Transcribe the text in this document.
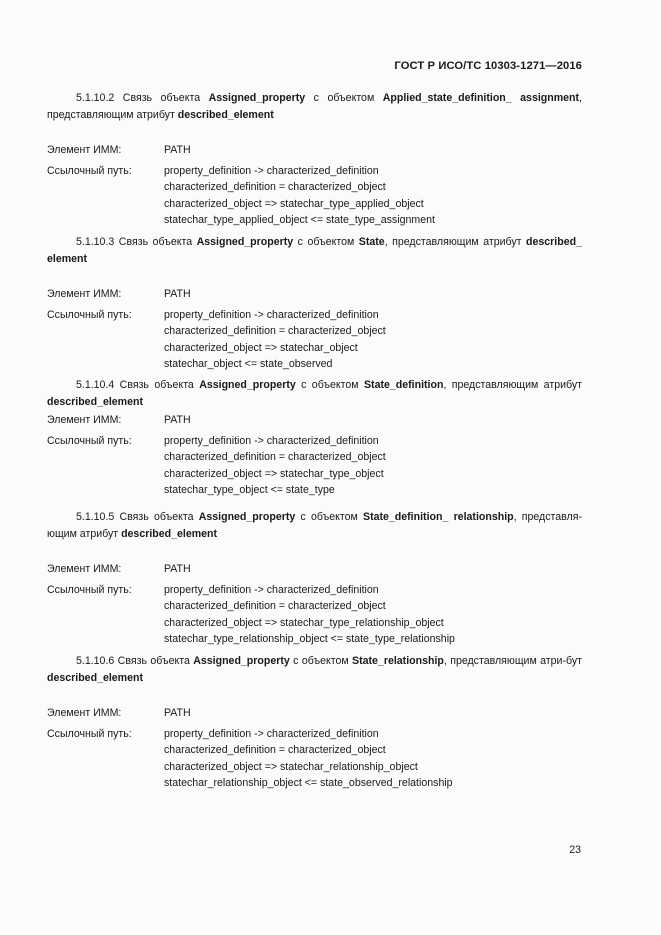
ГОСТ Р ИСО/ТС 10303-1271—2016

5.1.10.2 Связь объекта Assigned_property с объектом Applied_state_definition_ assignment, представляющим атрибут described_element

Элемент ИММ:	PATH
Ссылочный путь:	property_definition -> characterized_definition
characterized_definition = characterized_object
characterized_object => statechar_type_applied_object
statechar_type_applied_object <= state_type_assignment

5.1.10.3 Связь объекта Assigned_property с объектом State, представляющим атрибут described_ element

Элемент ИММ:	PATH
Ссылочный путь:	property_definition -> characterized_definition
characterized_definition = characterized_object
characterized_object => statechar_object
statechar_object <= state_observed

5.1.10.4 Связь объекта Assigned_property с объектом State_definition, представляющим атрибут described_element

Элемент ИММ:	PATH
Ссылочный путь:	property_definition -> characterized_definition
characterized_definition = characterized_object
characterized_object => statechar_type_object
statechar_type_object <= state_type

5.1.10.5 Связь объекта Assigned_property с объектом State_definition_ relationship, представля-ющим атрибут described_element

Элемент ИММ:	PATH
Ссылочный путь:	property_definition -> characterized_definition
characterized_definition = characterized_object
characterized_object => statechar_type_relationship_object
statechar_type_relationship_object <= state_type_relationship

5.1.10.6 Связь объекта Assigned_property с объектом State_relationship, представляющим атри-бут described_element

Элемент ИММ:	PATH
Ссылочный путь:	property_definition -> characterized_definition
characterized_definition = characterized_object
characterized_object => statechar_relationship_object
statechar_relationship_object <= state_observed_relationship
23
